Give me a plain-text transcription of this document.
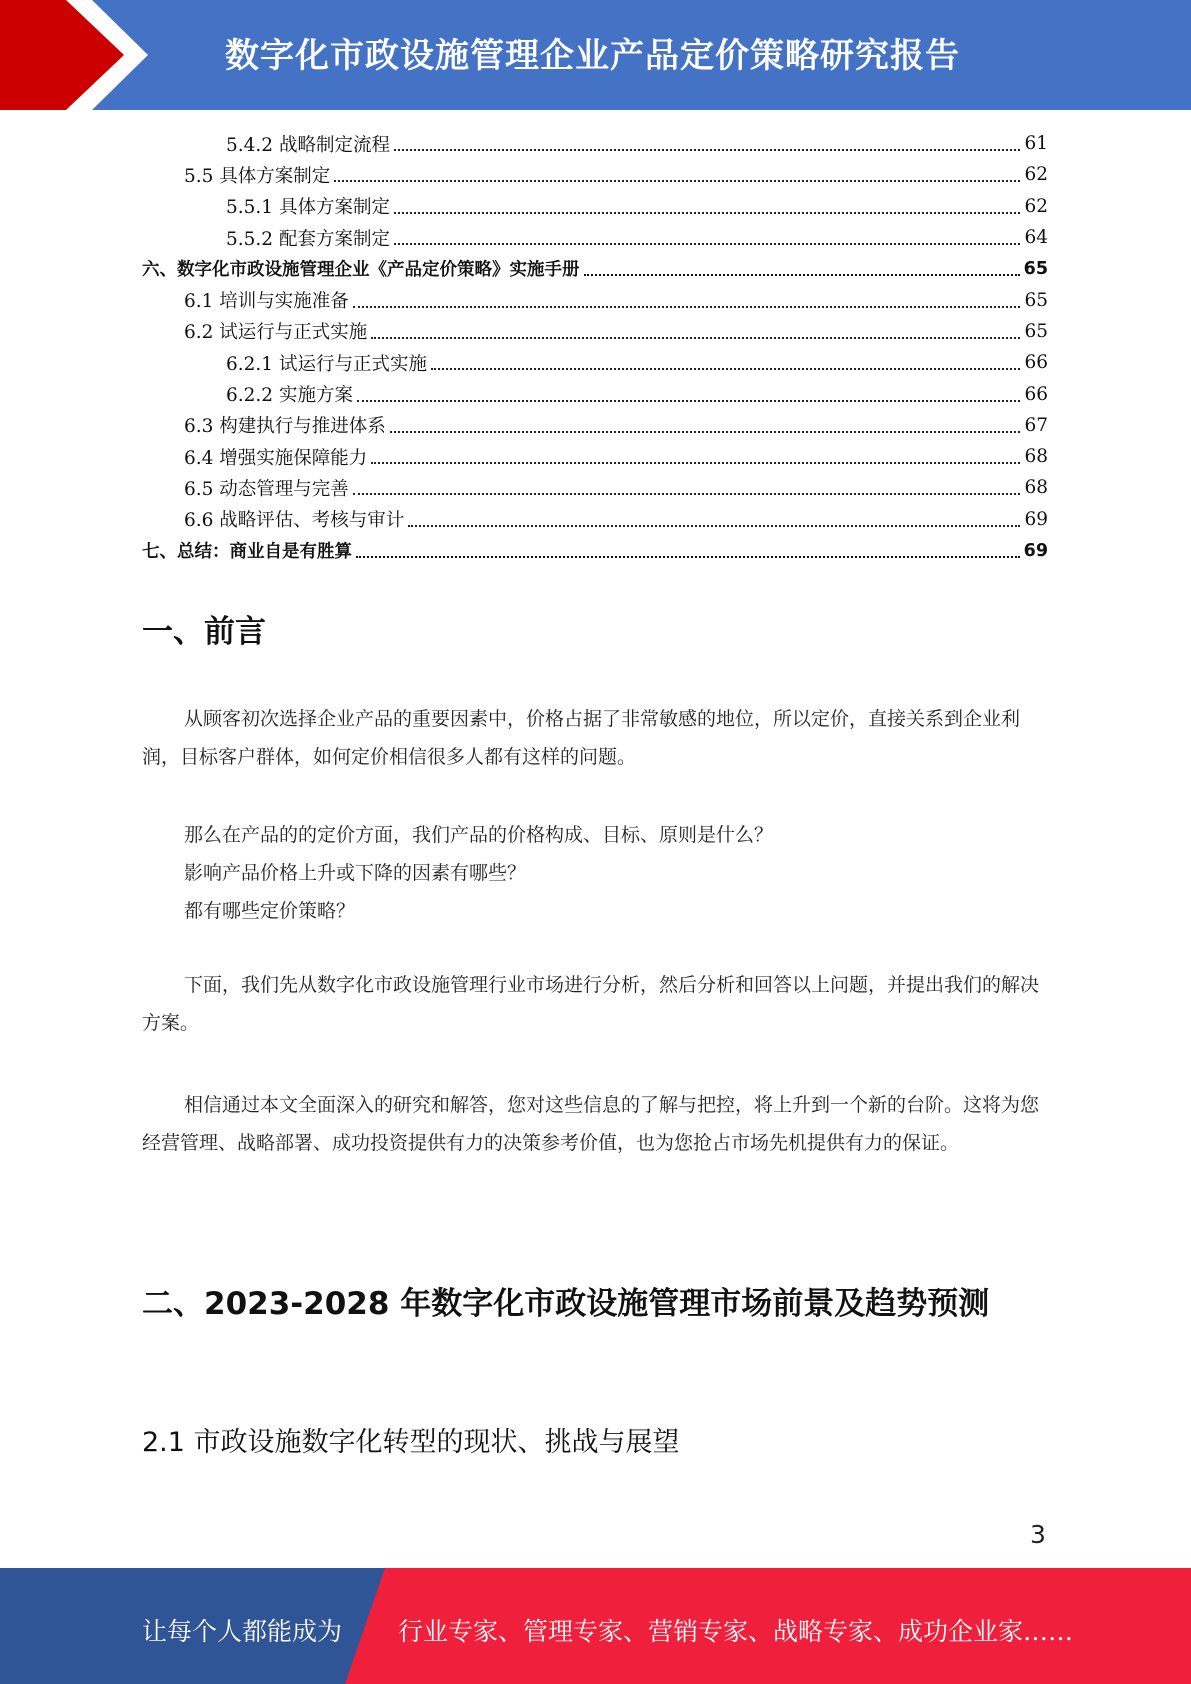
数字化市政设施管理企业产品定价策略研究报告
5.4.2 战略制定流程	61
5.5 具体方案制定	62
5.5.1 具体方案制定	62
5.5.2 配套方案制定	64
六、数字化市政设施管理企业《产品定价策略》实施手册	65
6.1 培训与实施准备	65
6.2 试运行与正式实施	65
6.2.1 试运行与正式实施	66
6.2.2 实施方案	66
6.3 构建执行与推进体系	67
6.4 增强实施保障能力	68
6.5 动态管理与完善	68
6.6 战略评估、考核与审计	69
七、总结：商业自是有胜算	69
一、前言
从顾客初次选择企业产品的重要因素中，价格占据了非常敏感的地位，所以定价，直接关系到企业利润，目标客户群体，如何定价相信很多人都有这样的问题。
那么在产品的的定价方面，我们产品的价格构成、目标、原则是什么？
影响产品价格上升或下降的因素有哪些？
都有哪些定价策略？
下面，我们先从数字化市政设施管理行业市场进行分析，然后分析和回答以上问题，并提出我们的解决方案。
相信通过本文全面深入的研究和解答，您对这些信息的了解与把控，将上升到一个新的台阶。这将为您经营管理、战略部署、成功投资提供有力的决策参考价值，也为您抢占市场先机提供有力的保证。
二、2023-2028 年数字化市政设施管理市场前景及趋势预测
2.1 市政设施数字化转型的现状、挑战与展望
3
让每个人都能成为 行业专家、管理专家、营销专家、战略专家、成功企业家……
